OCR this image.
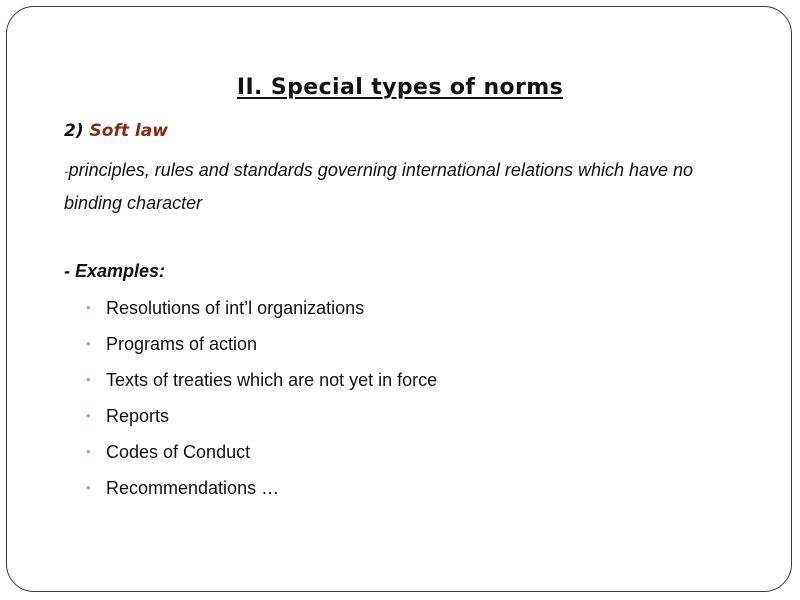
II. Special types of norms
2) Soft law
-principles, rules and standards governing international relations which have no binding character
- Examples:
• Resolutions of int’l organizations
• Programs of action
• Texts of treaties which are not yet in force
• Reports
• Codes of Conduct
• Recommendations …
